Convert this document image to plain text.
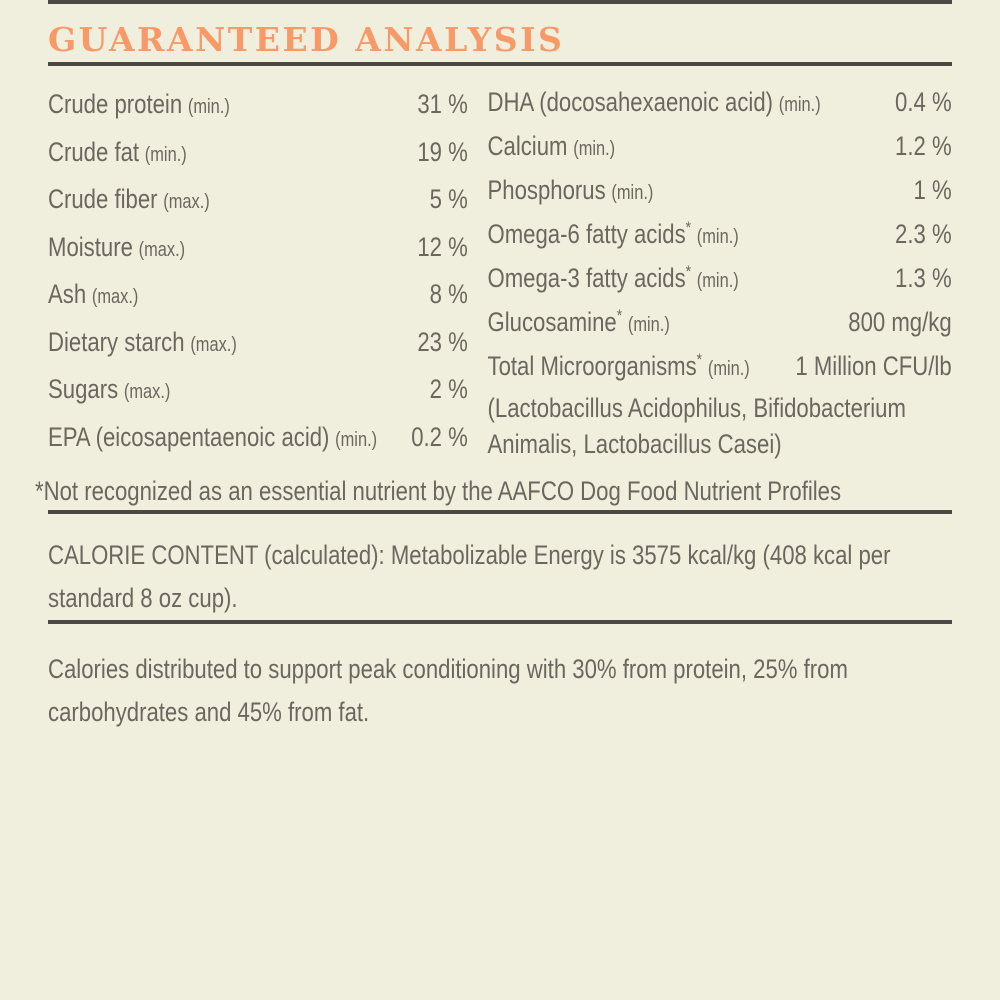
GUARANTEED ANALYSIS
Crude protein (min.)	31 %
Crude fat (min.)	19 %
Crude fiber (max.)	5 %
Moisture (max.)	12 %
Ash (max.)	8 %
Dietary starch (max.)	23 %
Sugars (max.)	2 %
EPA (eicosapentaenoic acid) (min.) 0.2 %
DHA (docosahexaenoic acid) (min.)	0.4 %
Calcium (min.)	1.2 %
Phosphorus (min.)	1 %
Omega-6 fatty acids* (min.)	2.3 %
Omega-3 fatty acids* (min.)	1.3 %
Glucosamine* (min.)	800 mg/kg
Total Microorganisms* (min.) 1 Million CFU/lb
(Lactobacillus Acidophilus, Bifidobacterium Animalis, Lactobacillus Casei)

*Not recognized as an essential nutrient by the AAFCO Dog Food Nutrient Profiles

CALORIE CONTENT (calculated): Metabolizable Energy is 3575 kcal/kg (408 kcal per standard 8 oz cup).

Calories distributed to support peak conditioning with 30% from protein, 25% from carbohydrates and 45% from fat.
